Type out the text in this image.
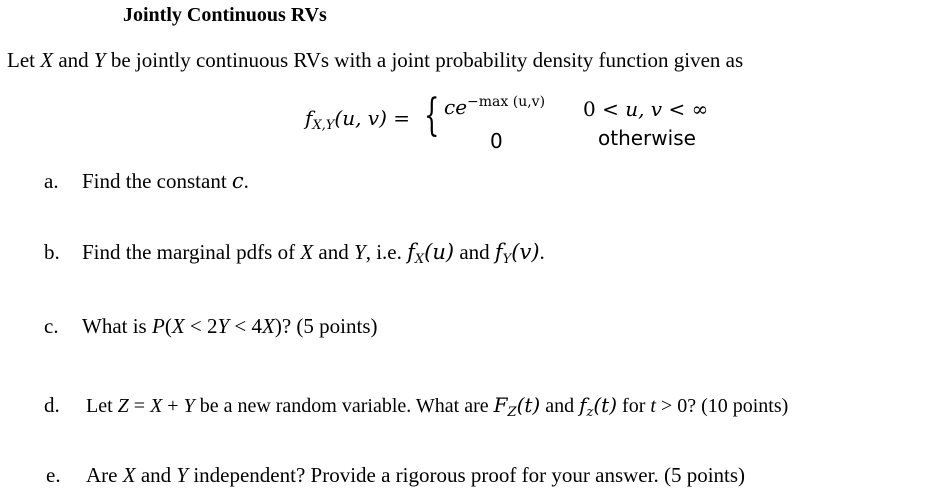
Jointly Continuous RVs
Let X and Y be jointly continuous RVs with a joint probability density function given as
$f_{X,Y}(u$, v) = { $ce^{-max (u,v)}$
0
0 < u, v < ∞
otherwise
a. Find the constant c.
b. Find the marginal pdfs of X and Y, i.e. $f_X(u)$ and $f_Y(v)$.
c. What is P(X < 2Y < 4X)? (5 points)
d. Let Z = X + Y be a new random variable. What are $F_Z(t)$ and $f_z(t)$ for t > 0? (10 points)
e. Are X and Y independent? Provide a rigorous proof for your answer. (5 points)
